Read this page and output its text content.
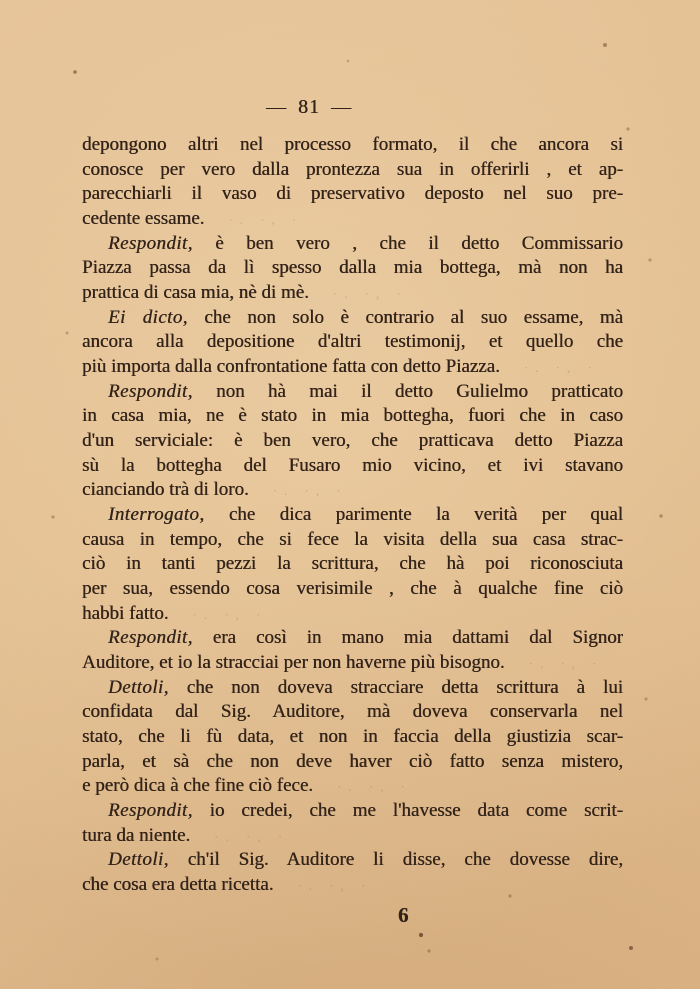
— 81 —
depongono altri nel processo formato, il che ancora si
conosce per vero dalla prontezza sua in offerirli , et ap-
parecchiarli il vaso di preservativo deposto nel suo pre-
cedente essame. ·. ·, ·
Respondit, è ben vero , che il detto Commissario
Piazza passa da lì spesso dalla mia bottega, mà non ha
prattica di casa mia, nè di mè. ·. ·, ·
Ei dicto, che non solo è contrario al suo essame, mà
ancora alla depositione d'altri testimonij, et quello che
più importa dalla confrontatione fatta con detto Piazza. ·. ·, ·
Respondit, non hà mai il detto Gulielmo pratticato
in casa mia, ne è stato in mia bottegha, fuori che in caso
d'un serviciale: è ben vero, che pratticava detto Piazza
sù la bottegha del Fusaro mio vicino, et ivi stavano
cianciando trà di loro. ·. ·, ·
Interrogato, che dica parimente la verità per qual
causa in tempo, che si fece la visita della sua casa strac-
ciò in tanti pezzi la scrittura, che hà poi riconosciuta
per sua, essendo cosa verisimile , che à qualche fine ciò
habbi fatto. ·. ·, ·
Respondit, era così in mano mia dattami dal Signor
Auditore, et io la stracciai per non haverne più bisogno. ·. ·, ·
Dettoli, che non doveva stracciare detta scrittura à lui
confidata dal Sig. Auditore, mà doveva conservarla nel
stato, che li fù data, et non in faccia della giustizia scar-
parla, et sà che non deve haver ciò fatto senza mistero,
e però dica à che fine ciò fece. ·. ·, ·
Respondit, io credei, che me l'havesse data come scrit-
tura da niente. ·. ·, ·
Dettoli, ch'il Sig. Auditore li disse, che dovesse dire,
che cosa era detta ricetta. ·. ·, ·
6
